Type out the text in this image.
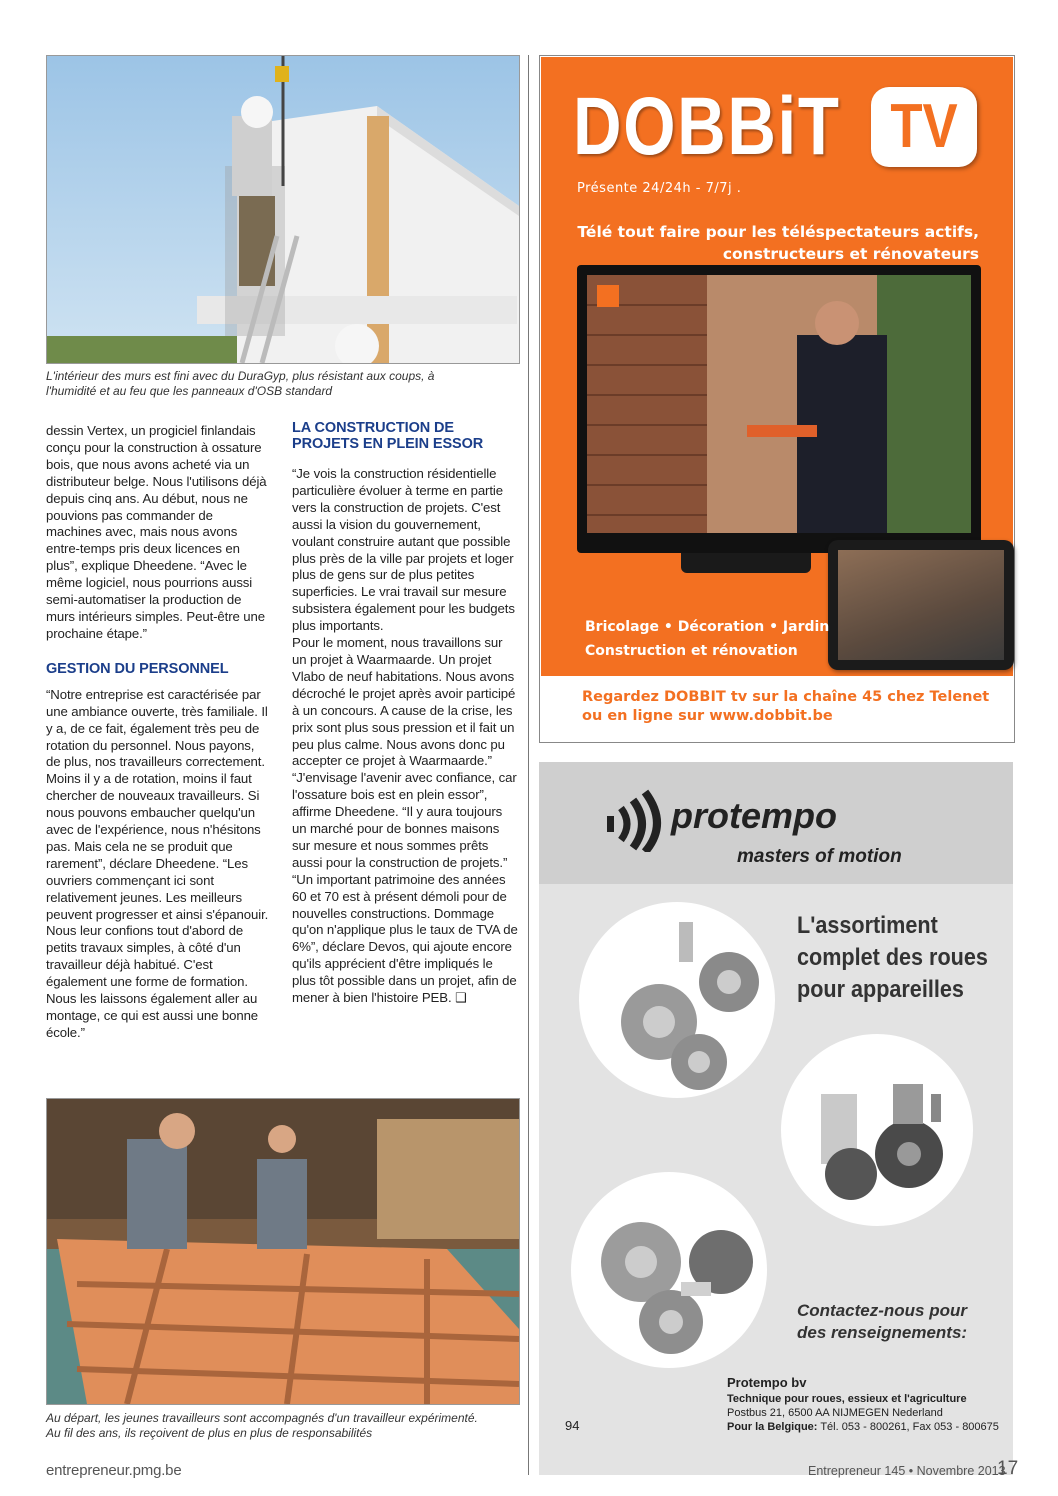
L'intérieur des murs est fini avec du DuraGyp, plus résistant aux coups, à l'humidité et au feu que les panneaux d'OSB standard

dessin Vertex, un progiciel finlandais conçu pour la construction à ossature bois, que nous avons acheté via un distributeur belge. Nous l'utilisons déjà depuis cinq ans. Au début, nous ne pouvions pas commander de machines avec, mais nous avons entre-temps pris deux licences en plus”, explique Dheedene. “Avec le même logiciel, nous pourrions aussi semi-automatiser la production de murs intérieurs simples. Peut-être une prochaine étape.”

GESTION DU PERSONNEL

“Notre entreprise est caractérisée par une ambiance ouverte, très familiale. Il y a, de ce fait, également très peu de rotation du personnel. Nous payons, de plus, nos travailleurs correctement. Moins il y a de rotation, moins il faut chercher de nouveaux travailleurs. Si nous pouvons embaucher quelqu'un avec de l'expérience, nous n'hésitons pas. Mais cela ne se produit que rarement”, déclare Dheedene. “Les ouvriers commençant ici sont relativement jeunes. Les meilleurs peuvent progresser et ainsi s'épanouir. Nous leur confions tout d'abord de petits travaux simples, à côté d'un travailleur déjà habitué. C'est également une forme de formation. Nous les laissons également aller au montage, ce qui est aussi une bonne école.”

LA CONSTRUCTION DE PROJETS EN PLEIN ESSOR

“Je vois la construction résidentielle particulière évoluer à terme en partie vers la construction de projets. C'est aussi la vision du gouvernement, voulant construire autant que possible plus près de la ville par projets et loger plus de gens sur de plus petites superficies. Le vrai travail sur mesure subsistera également pour les budgets plus importants.

Pour le moment, nous travaillons sur un projet à Waarmaarde. Un projet Vlabo de neuf habitations. Nous avons décroché le projet après avoir participé à un concours. A cause de la crise, les prix sont plus sous pression et il fait un peu plus calme. Nous avons donc pu accepter ce projet à Waarmaarde.”

“J'envisage l'avenir avec confiance, car l'ossature bois est en plein essor”, affirme Dheedene. “Il y aura toujours un marché pour de bonnes maisons sur mesure et nous sommes prêts aussi pour la construction de projets.”

“Un important patrimoine des années 60 et 70 est à présent démoli pour de nouvelles constructions. Dommage qu'on n'applique plus le taux de TVA de 6%”, déclare Devos, qui ajoute encore qu'ils apprécient d'être impliqués le plus tôt possible dans un projet, afin de mener à bien l'histoire PEB. ❑

Au départ, les jeunes travailleurs sont accompagnés d'un travailleur expérimenté. Au fil des ans, ils reçoivent de plus en plus de responsabilités
DOBBiT TV
Présente 24/24h - 7/7j .
Télé tout faire pour les téléspectateurs actifs,
constructeurs et rénovateurs
Bricolage • Décoration • Jardin
Construction et rénovation
Regardez DOBBIT tv sur la chaîne 45 chez Telenet
ou en ligne sur www.dobbit.be
protempo
masters of motion
L'assortiment
complet des roues
pour appareilles
Contactez-nous pour
des renseignements:
Protempo bv
Technique pour roues, essieux et l'agriculture
Postbus 21, 6500 AA NIJMEGEN Nederland
Pour la Belgique: Tél. 053 - 800261, Fax 053 - 800675
94
entrepreneur.pmg.be	Entrepreneur 145 • Novembre 2013
17
